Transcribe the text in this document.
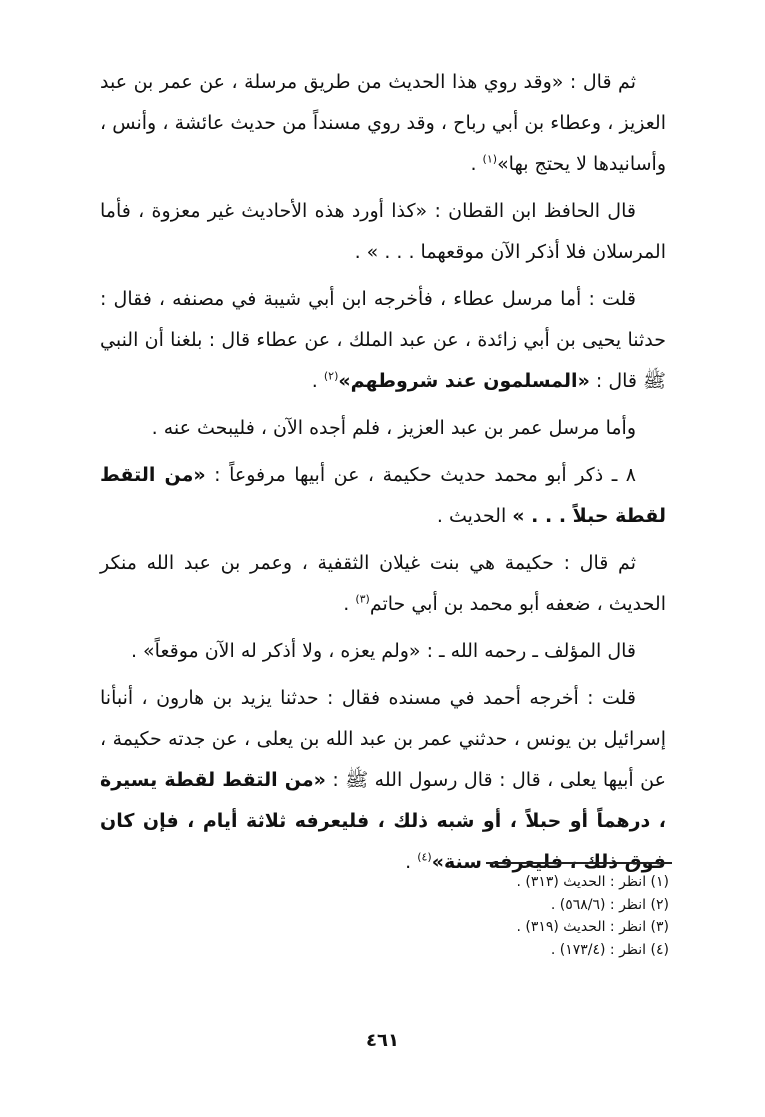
ثم قال : «وقد روي هذا الحديث من طريق مرسلة ، عن عمر بن عبد العزيز ، وعطاء بن أبي رباح ، وقد روي مسنداً من حديث عائشة ، وأنس ، وأسانيدها لا يحتج بها»$^{(١)}$ .

قال الحافظ ابن القطان : «كذا أورد هذه الأحاديث غير معزوة ، فأما المرسلان فلا أذكر الآن موقعهما . . . » .

قلت : أما مرسل عطاء ، فأخرجه ابن أبي شيبة في مصنفه ، فقال : حدثنا يحيى بن أبي زائدة ، عن عبد الملك ، عن عطاء قال : بلغنا أن النبي ﷺ قال : «المسلمون عند شروطهم»$^{(٢)}$ .

وأما مرسل عمر بن عبد العزيز ، فلم أجده الآن ، فليبحث عنه .

٨ ـ ذكر أبو محمد حديث حكيمة ، عن أبيها مرفوعاً : «من التقط لقطة حبلاً . . . » الحديث .

ثم قال : حكيمة هي بنت غيلان الثقفية ، وعمر بن عبد الله منكر الحديث ، ضعفه أبو محمد بن أبي حاتم$^{(٣)}$ .

قال المؤلف ـ رحمه الله ـ : «ولم يعزه ، ولا أذكر له الآن موقعاً» .

قلت : أخرجه أحمد في مسنده فقال : حدثنا يزيد بن هارون ، أنبأنا إسرائيل بن يونس ، حدثني عمر بن عبد الله بن يعلى ، عن جدته حكيمة ، عن أبيها يعلى ، قال : قال رسول الله ﷺ : «من التقط لقطة يسيرة ، درهماً أو حبلاً ، أو شبه ذلك ، فليعرفه ثلاثة أيام ، فإن كان فوق ذلك ، فليعرفه سنة»$^{(٤)}$ .

(١) انظر : الحديث (٣١٣) .
(٢) انظر : (٥٦٨/٦) .
(٣) انظر : الحديث (٣١٩) .
(٤) انظر : (١٧٣/٤) .
٤٦١
